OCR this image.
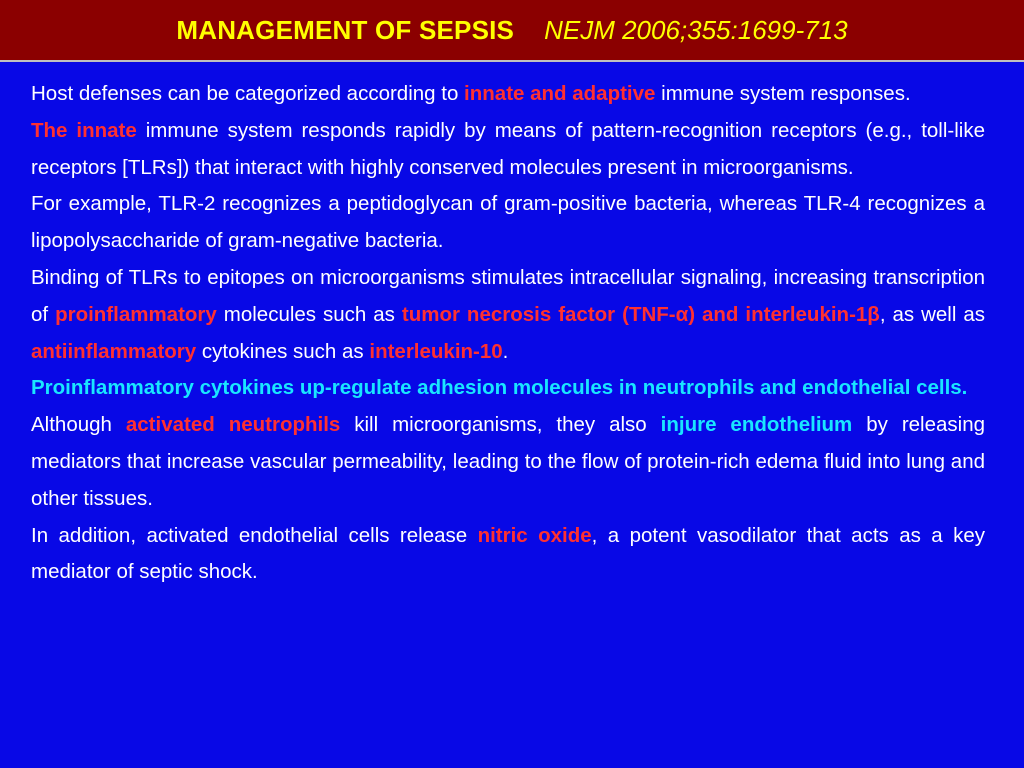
MANAGEMENT OF SEPSIS NEJM 2006;355:1699-713

Host defenses can be categorized according to innate and adaptive immune system responses.

The innate immune system responds rapidly by means of pattern-recognition receptors (e.g., toll-like receptors [TLRs]) that interact with highly conserved molecules present in microorganisms.

For example, TLR-2 recognizes a peptidoglycan of gram-positive bacteria, whereas TLR-4 recognizes a lipopolysaccharide of gram-negative bacteria.

Binding of TLRs to epitopes on microorganisms stimulates intracellular signaling, increasing transcription of proinflammatory molecules such as tumor necrosis factor (TNF-α) and interleukin-1β, as well as antiinflammatory cytokines such as interleukin-10.

Proinflammatory cytokines up-regulate adhesion molecules in neutrophils and endothelial cells.

Although activated neutrophils kill microorganisms, they also injure endothelium by releasing mediators that increase vascular permeability, leading to the flow of protein-rich edema fluid into lung and other tissues.

In addition, activated endothelial cells release nitric oxide, a potent vasodilator that acts as a key mediator of septic shock.
